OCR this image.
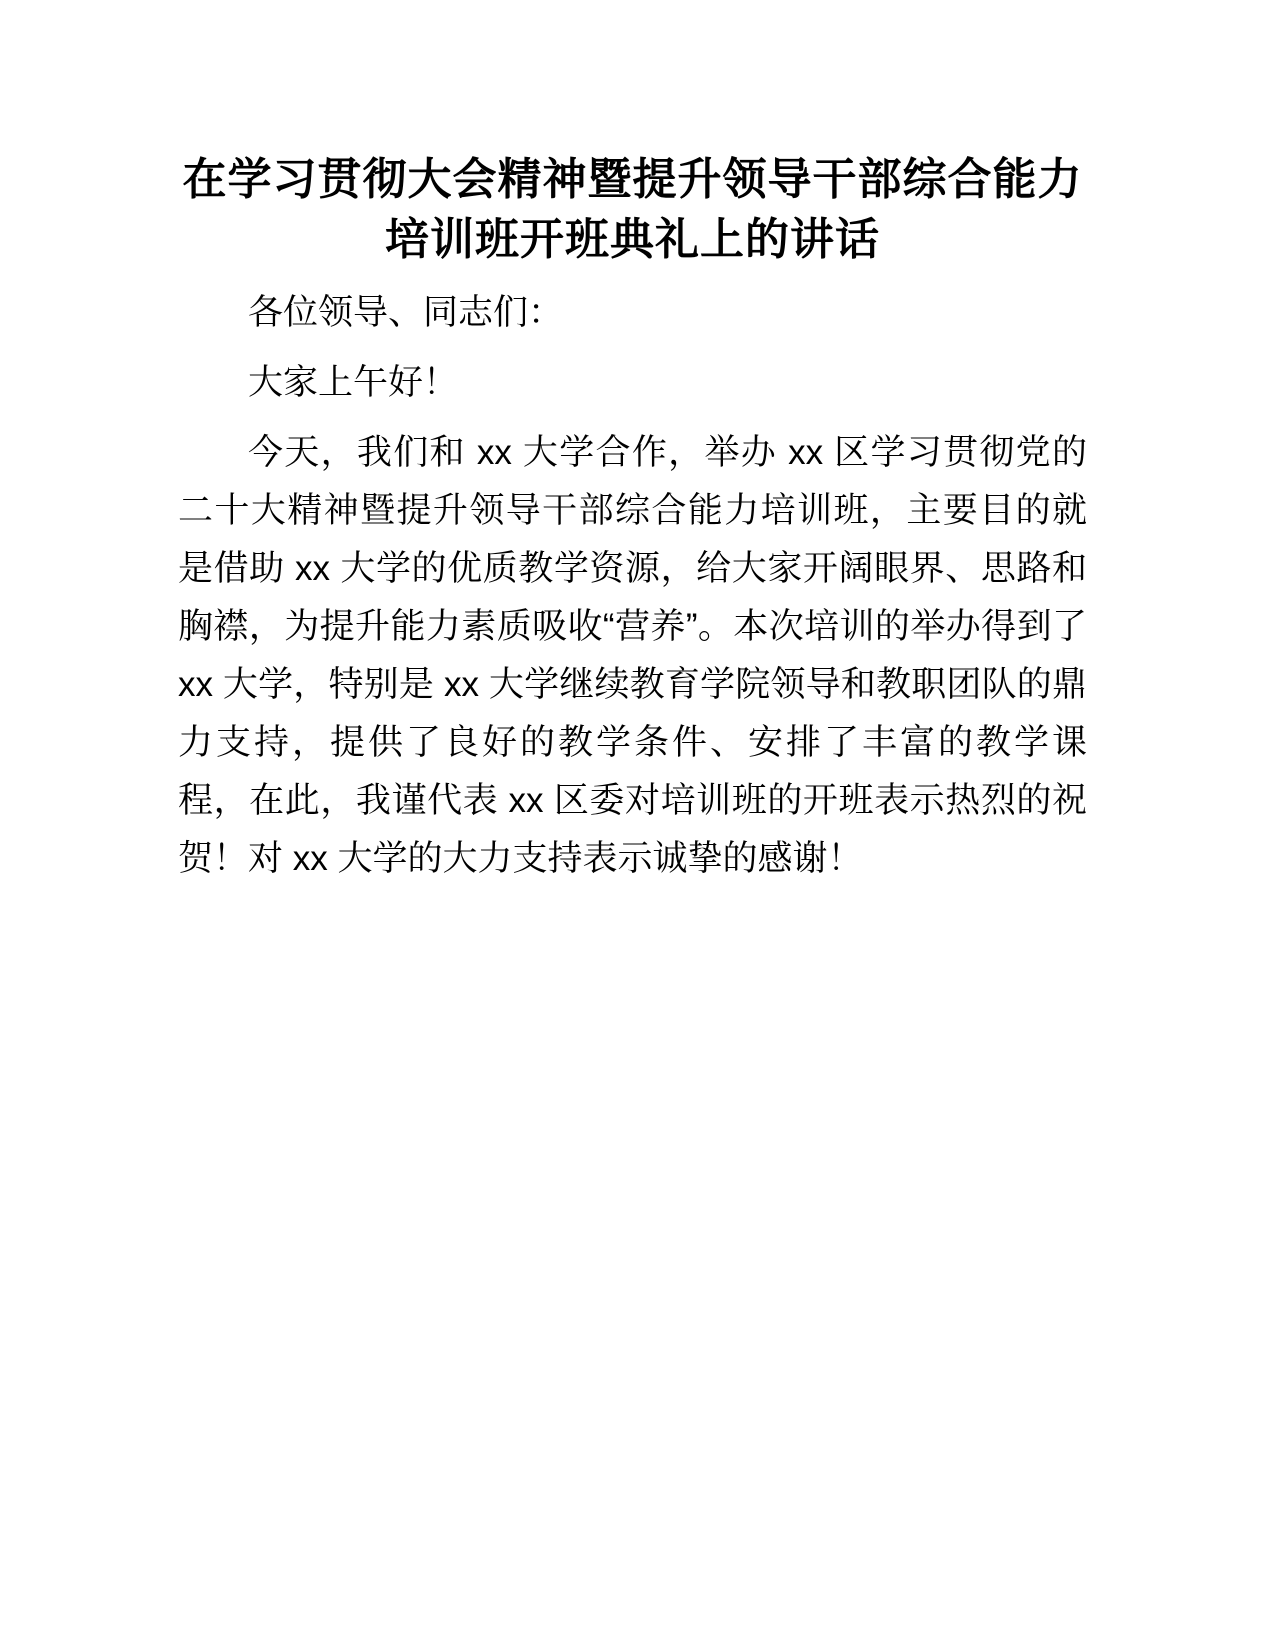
在学习贯彻大会精神暨提升领导干部综合能力
培训班开班典礼上的讲话

各位领导、同志们：

大家上午好！

今天，我们和 xx 大学合作，举办 xx 区学习贯彻党的二十大精神暨提升领导干部综合能力培训班，主要目的就是借助 xx 大学的优质教学资源，给大家开阔眼界、思路和胸襟，为提升能力素质吸收“营养”。本次培训的举办得到了 xx 大学，特别是 xx 大学继续教育学院领导和教职团队的鼎力支持，提供了良好的教学条件、安排了丰富的教学课程，在此，我谨代表 xx 区委对培训班的开班表示热烈的祝贺！对 xx 大学的大力支持表示诚挚的感谢！
